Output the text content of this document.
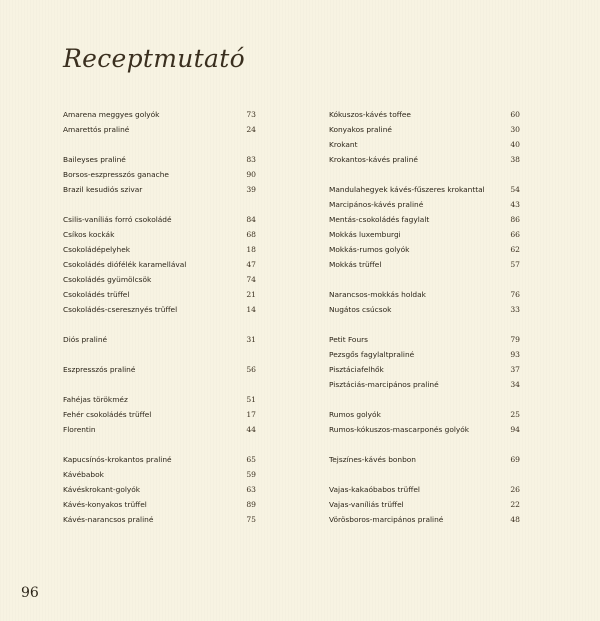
Receptmutató
Amarena meggyes golyók	73
Amarettós praliné	24
Baileyses praliné	83
Borsos-eszpresszós ganache	90
Brazil kesudiós szivar	39
Csilis-vaníliás forró csokoládé	84
Csíkos kockák	68
Csokoládépelyhek	18
Csokoládés diófélék karamellával	47
Csokoládés gyümölcsök	74
Csokoládés trüffel	21
Csokoládés-cseresznyés trüffel	14
Diós praliné	31
Eszpresszós praliné	56
Fahéjas törökméz	51
Fehér csokoládés trüffel	17
Florentin	44
Kapucsínós-krokantos praliné	65
Kávébabok	59
Kávéskrokant-golyók	63
Kávés-konyakos trüffel	89
Kávés-narancsos praliné	75
Kókuszos-kávés toffee	60
Konyakos praliné	30
Krokant	40
Krokantos-kávés praliné	38
Mandulahegyek kávés-fűszeres krokanttal	54
Marcipános-kávés praliné	43
Mentás-csokoládés fagylalt	86
Mokkás luxemburgi	66
Mokkás-rumos golyók	62
Mokkás trüffel	57
Narancsos-mokkás holdak	76
Nugátos csúcsok	33
Petit Fours	79
Pezsgős fagylaltpraliné	93
Pisztáciafelhők	37
Pisztáciás-marcipános praliné	34
Rumos golyók	25
Rumos-kókuszos-mascarponés golyók	94
Tejszínes-kávés bonbon	69
Vajas-kakaóbabos trüffel	26
Vajas-vaníliás trüffel	22
Vörösboros-marcipános praliné	48
96
